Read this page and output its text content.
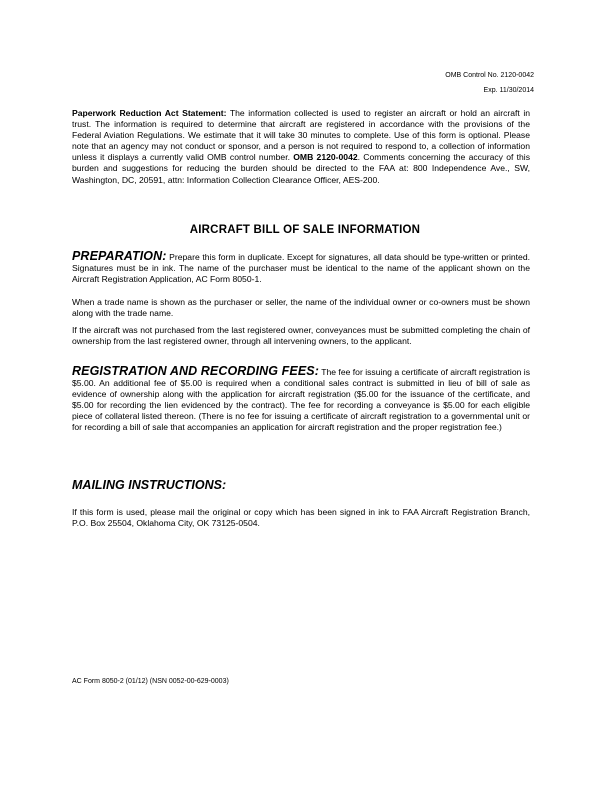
OMB Control No. 2120-0042
Exp. 11/30/2014
Paperwork Reduction Act Statement: The information collected is used to register an aircraft or hold an aircraft in trust. The information is required to determine that aircraft are registered in accordance with the provisions of the Federal Aviation Regulations. We estimate that it will take 30 minutes to complete. Use of this form is optional. Please note that an agency may not conduct or sponsor, and a person is not required to respond to, a collection of information unless it displays a currently valid OMB control number. OMB 2120-0042. Comments concerning the accuracy of this burden and suggestions for reducing the burden should be directed to the FAA at: 800 Independence Ave., SW, Washington, DC, 20591, attn: Information Collection Clearance Officer, AES-200.
AIRCRAFT BILL OF SALE INFORMATION
PREPARATION: Prepare this form in duplicate. Except for signatures, all data should be type-written or printed. Signatures must be in ink. The name of the purchaser must be identical to the name of the applicant shown on the Aircraft Registration Application, AC Form 8050-1.
When a trade name is shown as the purchaser or seller, the name of the individual owner or co-owners must be shown along with the trade name.
If the aircraft was not purchased from the last registered owner, conveyances must be submitted completing the chain of ownership from the last registered owner, through all intervening owners, to the applicant.
REGISTRATION AND RECORDING FEES: The fee for issuing a certificate of aircraft registration is $5.00. An additional fee of $5.00 is required when a conditional sales contract is submitted in lieu of bill of sale as evidence of ownership along with the application for aircraft registration ($5.00 for the issuance of the certificate, and $5.00 for recording the lien evidenced by the contract). The fee for recording a conveyance is $5.00 for each eligible piece of collateral listed thereon. (There is no fee for issuing a certificate of aircraft registration to a governmental unit or for recording a bill of sale that accompanies an application for aircraft registration and the proper registration fee.)
MAILING INSTRUCTIONS:
If this form is used, please mail the original or copy which has been signed in ink to FAA Aircraft Registration Branch, P.O. Box 25504, Oklahoma City, OK 73125-0504.
AC Form 8050-2 (01/12) (NSN 0052-00-629-0003)
